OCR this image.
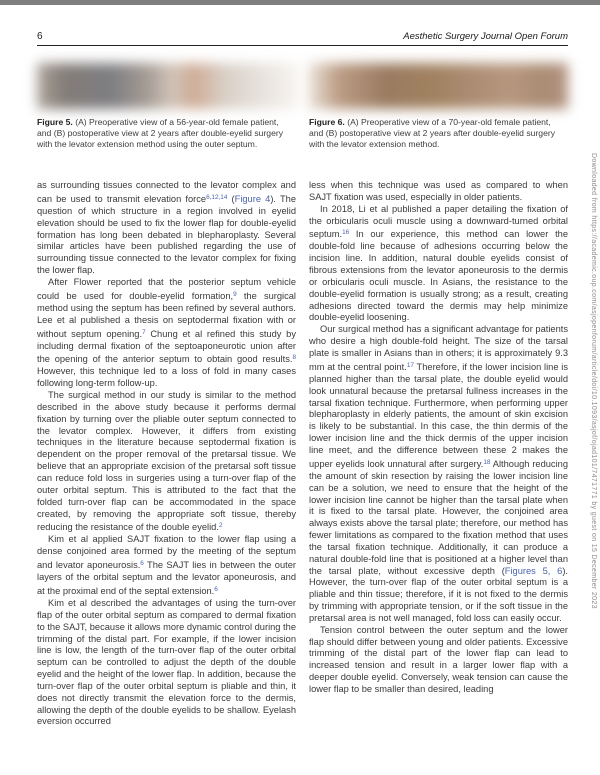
6	Aesthetic Surgery Journal Open Forum
Figure 5. (A) Preoperative view of a 56-year-old female patient, and (B) postoperative view at 2 years after double-eyelid surgery with the levator extension method using the outer septum.
Figure 6. (A) Preoperative view of a 70-year-old female patient, and (B) postoperative view at 2 years after double-eyelid surgery with the levator extension method.

as surrounding tissues connected to the levator complex and can be used to transmit elevation force$^{6,12,14}$ (Figure 4). The question of which structure in a region involved in eyelid elevation should be used to fix the lower flap for double-eyelid formation has long been debated in blepharoplasty. Several similar articles have been published regarding the use of surrounding tissue connected to the levator complex for fixing the lower flap.

After Flower reported that the posterior septum vehicle could be used for double-eyelid formation,$^9$ the surgical method using the septum has been refined by several authors. Lee et al published a thesis on septodermal fixation with or without septum opening.$^7$ Chung et al refined this study by including dermal fixation of the septoaponeurotic union after the opening of the anterior septum to obtain good results.$^8$ However, this technique led to a loss of fold in many cases following long-term follow-up.

The surgical method in our study is similar to the method described in the above study because it performs dermal fixation by turning over the pliable outer septum connected to the levator complex. However, it differs from existing techniques in the literature because septodermal fixation is dependent on the proper removal of the pretarsal tissue. We believe that an appropriate excision of the pretarsal soft tissue can reduce fold loss in surgeries using a turn-over flap of the outer orbital septum. This is attributed to the fact that the folded turn-over flap can be accommodated in the space created, by removing the appropriate soft tissue, thereby reducing the resistance of the double eyelid.$^2$

Kim et al applied SAJT fixation to the lower flap using a dense conjoined area formed by the meeting of the septum and levator aponeurosis.$^6$ The SAJT lies in between the outer layers of the orbital septum and the levator aponeurosis, and at the proximal end of the septal extension.$^6$

Kim et al described the advantages of using the turn-over flap of the outer orbital septum as compared to dermal fixation to the SAJT, because it allows more dynamic control during the trimming of the distal part. For example, if the lower incision line is low, the length of the turn-over flap of the outer orbital septum can be controlled to adjust the depth of the double eyelid and the height of the lower flap. In addition, because the turn-over flap of the outer orbital septum is pliable and thin, it does not directly transmit the elevation force to the dermis, allowing the depth of the double eyelids to be shallow. Eyelash eversion occurred

less when this technique was used as compared to when SAJT fixation was used, especially in older patients.

In 2018, Li et al published a paper detailing the fixation of the orbicularis oculi muscle using a downward-turned orbital septum.$^{16}$ In our experience, this method can lower the double-fold line because of adhesions occurring below the incision line. In addition, natural double eyelids consist of fibrous extensions from the levator aponeurosis to the dermis or orbicularis oculi muscle. In Asians, the resistance to the double-eyelid formation is usually strong; as a result, creating adhesions directed toward the dermis may help minimize double-eyelid loosening.

Our surgical method has a significant advantage for patients who desire a high double-fold height. The size of the tarsal plate is smaller in Asians than in others; it is approximately 9.3 mm at the central point.$^{17}$ Therefore, if the lower incision line is planned higher than the tarsal plate, the double eyelid would look unnatural because the pretarsal fullness increases in the tarsal fixation technique. Furthermore, when performing upper blepharoplasty in elderly patients, the amount of skin excision is likely to be substantial. In this case, the thin dermis of the lower incision line and the thick dermis of the upper incision line meet, and the difference between these 2 makes the upper eyelids look unnatural after surgery.$^{18}$ Although reducing the amount of skin resection by raising the lower incision line can be a solution, we need to ensure that the height of the lower incision line cannot be higher than the tarsal plate when it is fixed to the tarsal plate. However, the conjoined area always exists above the tarsal plate; therefore, our method has fewer limitations as compared to the fixation method that uses the tarsal fixation technique. Additionally, it can produce a natural double-fold line that is positioned at a higher level than the tarsal plate, without excessive depth (Figures 5, 6). However, the turn-over flap of the outer orbital septum is a pliable and thin tissue; therefore, if it is not fixed to the dermis by trimming with appropriate tension, or if the soft tissue in the pretarsal area is not well managed, fold loss can easily occur.

Tension control between the outer septum and the lower flap should differ between young and older patients. Excessive trimming of the distal part of the lower flap can lead to increased tension and result in a larger lower flap with a deeper double eyelid. Conversely, weak tension can cause the lower flap to be smaller than desired, leading

Downloaded from https://academic.oup.com/asjopenforum/article/doi/10.1093/asjof/ojad101/7471771 by guest on 15 December 2023
